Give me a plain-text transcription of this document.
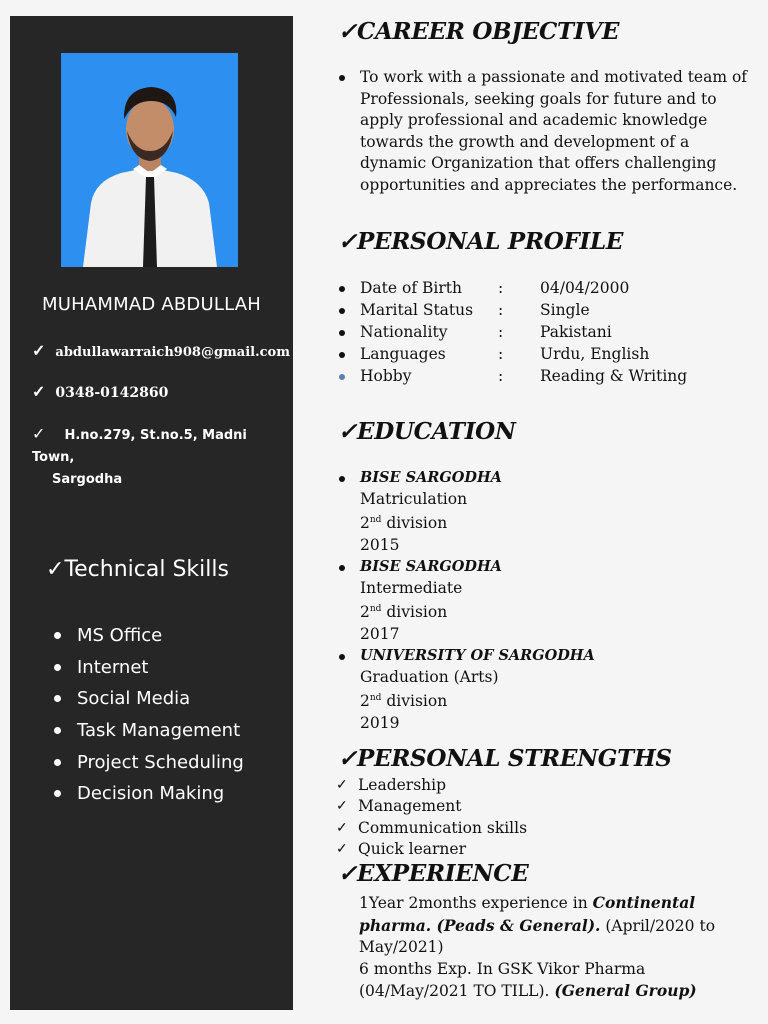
MUHAMMAD ABDULLAH
✓ abdullawarraich908@gmail.com
✓ 0348-0142860
✓ H.no.279, St.no.5, Madni Town,
Sargodha
✓Technical Skills
MS Office
Internet
Social Media
Task Management
Project Scheduling
Decision Making
✓CAREER OBJECTIVE
To work with a passionate and motivated team of Professionals, seeking goals for future and to apply professional and academic knowledge towards the growth and development of a dynamic Organization that offers challenging opportunities and appreciates the performance.
✓PERSONAL PROFILE
Date of Birth	:	04/04/2000
Marital Status	:	Single
Nationality	:	Pakistani
Languages	:	Urdu, English
Hobby	:	Reading & Writing
✓EDUCATION
BISE SARGODHA
Matriculation
2nd division
2015
BISE SARGODHA
Intermediate
2nd division
2017
UNIVERSITY OF SARGODHA
Graduation (Arts)
2nd division
2019
✓PERSONAL STRENGTHS
✓ Leadership
✓ Management
✓ Communication skills
✓ Quick learner
✓EXPERIENCE
1Year 2months experience in Continental pharma. (Peads & General). (April/2020 to May/2021)
6 months Exp. In GSK Vikor Pharma (04/May/2021 TO TILL). (General Group)
